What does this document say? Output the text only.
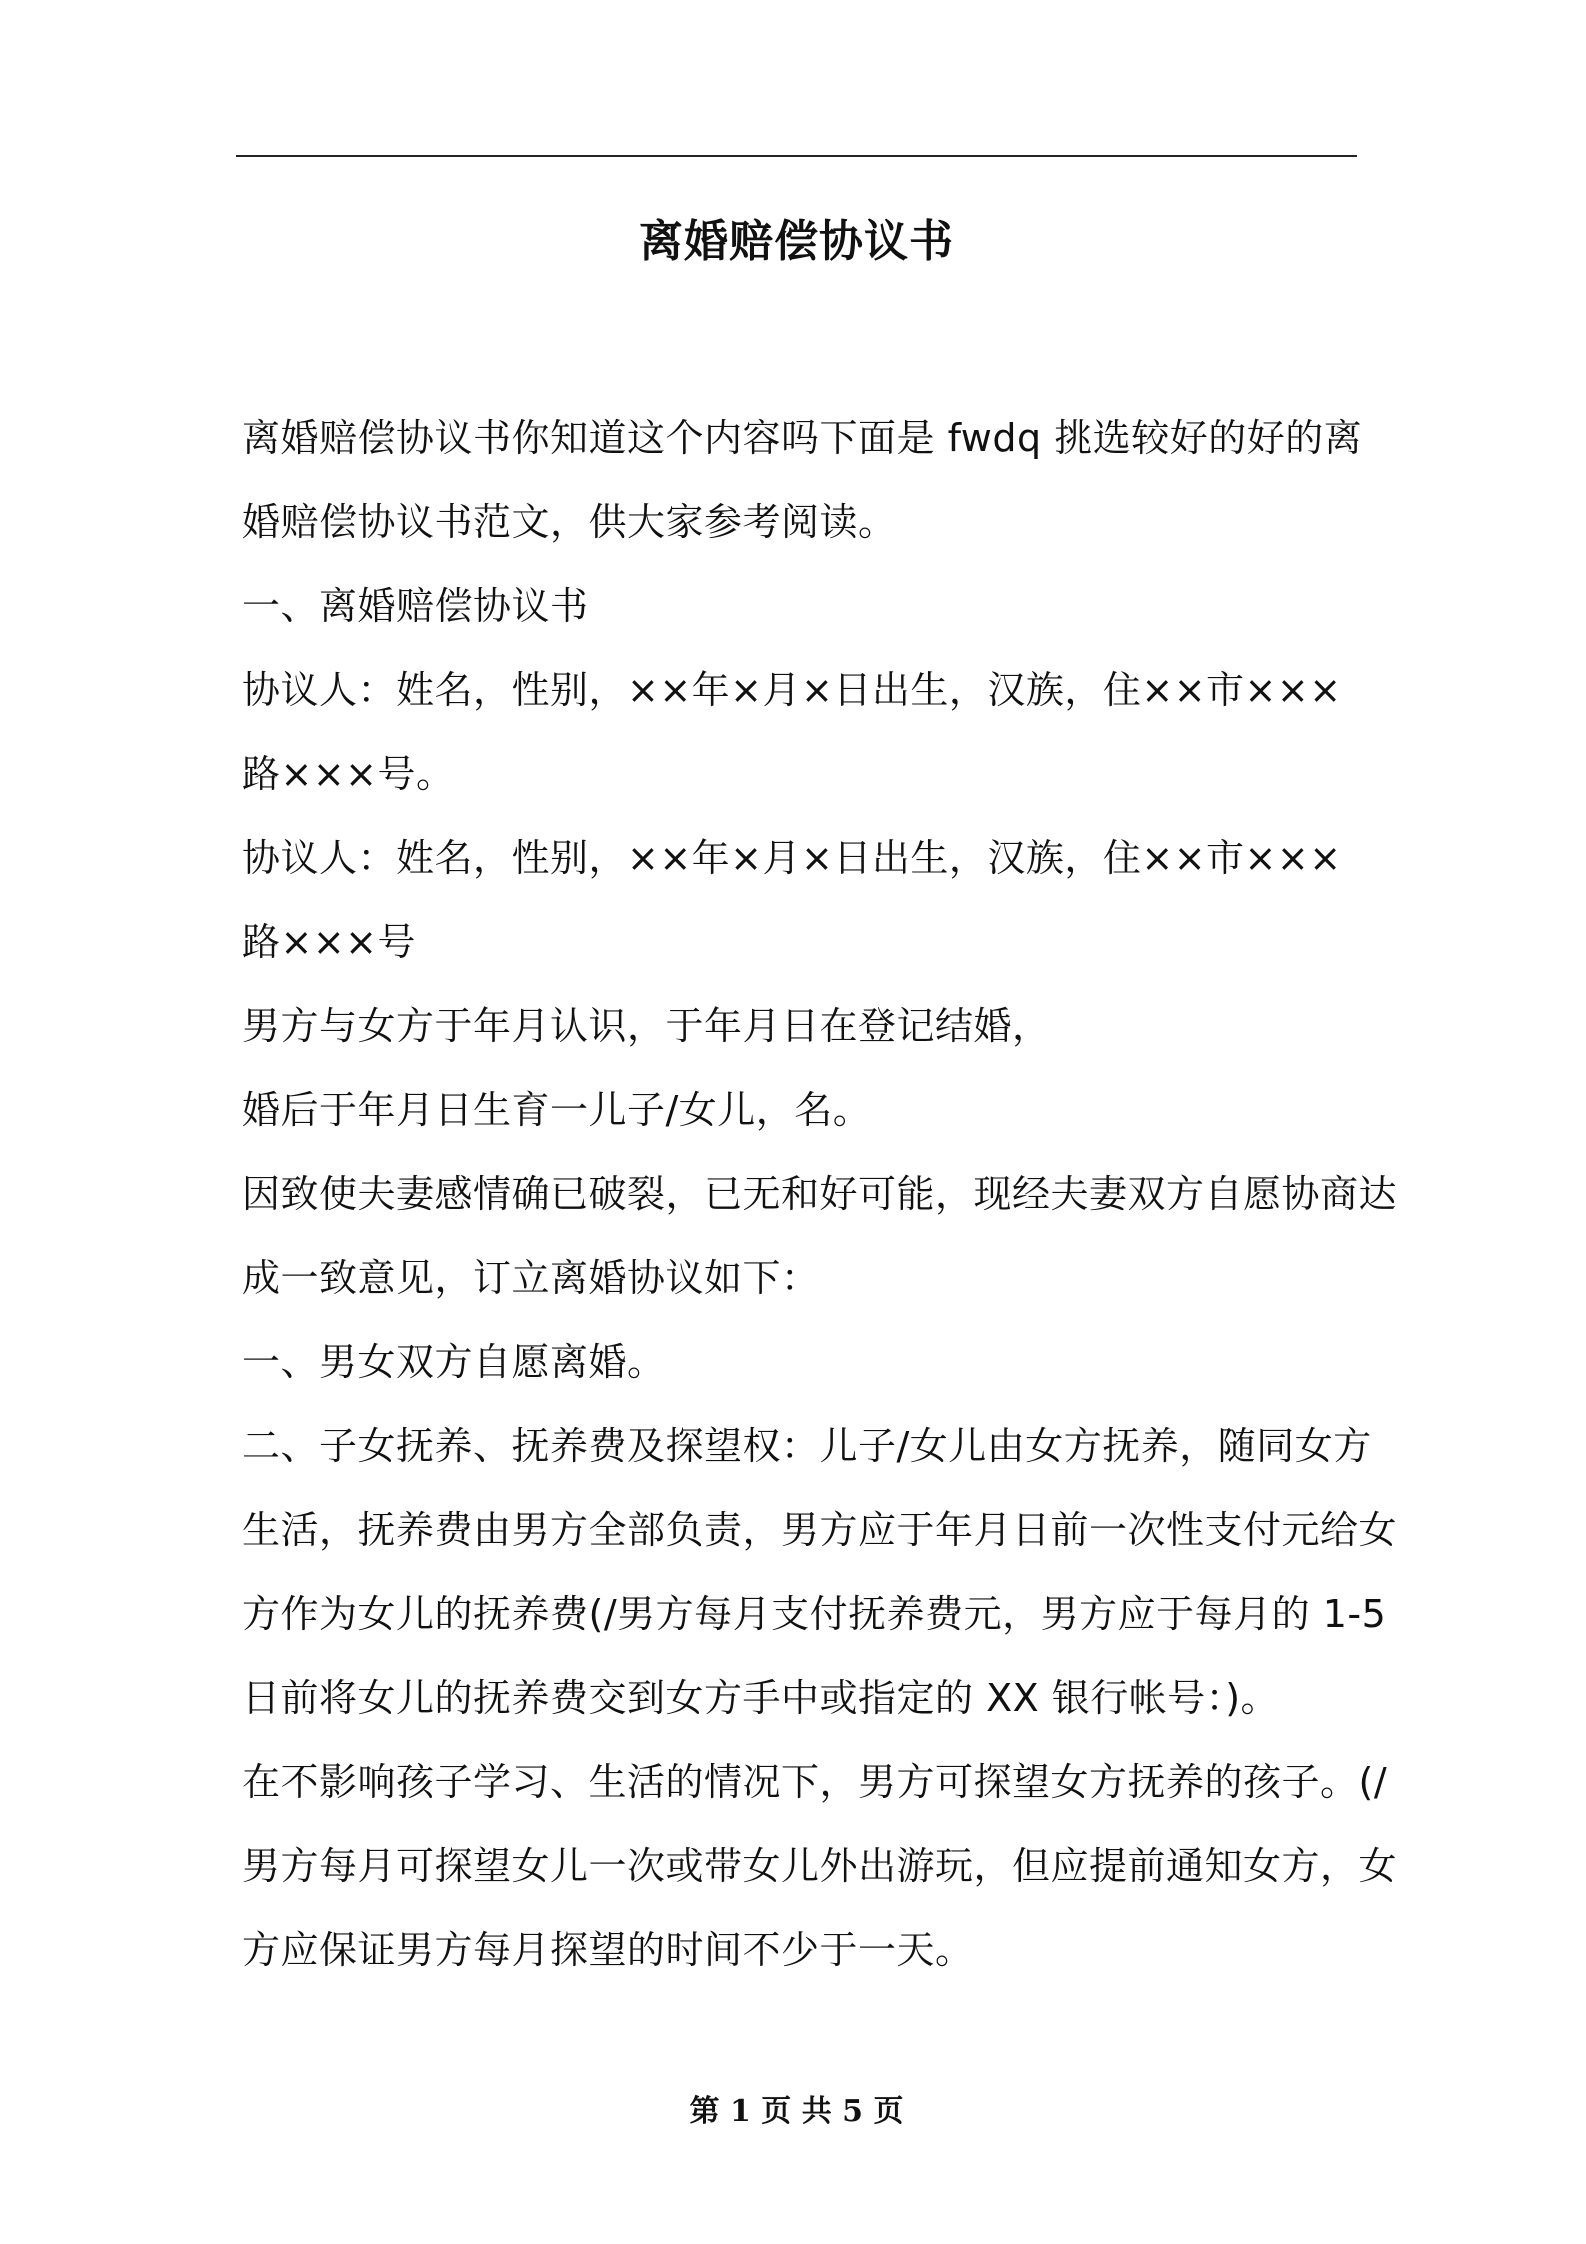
离婚赔偿协议书

离婚赔偿协议书你知道这个内容吗下面是 fwdq 挑选较好的好的离

婚赔偿协议书范文，供大家参考阅读。

一、离婚赔偿协议书

协议人：姓名，性别，××年×月×日出生，汉族，住××市×××

路×××号。

协议人：姓名，性别，××年×月×日出生，汉族，住××市×××

路×××号

男方与女方于年月认识，于年月日在登记结婚，

婚后于年月日生育一儿子/女儿，名。

因致使夫妻感情确已破裂，已无和好可能，现经夫妻双方自愿协商达

成一致意见，订立离婚协议如下：

一、男女双方自愿离婚。

二、子女抚养、抚养费及探望权：儿子/女儿由女方抚养，随同女方

生活，抚养费由男方全部负责，男方应于年月日前一次性支付元给女

方作为女儿的抚养费(/男方每月支付抚养费元，男方应于每月的 1-5

日前将女儿的抚养费交到女方手中或指定的 XX 银行帐号：)。

在不影响孩子学习、生活的情况下，男方可探望女方抚养的孩子。(/

男方每月可探望女儿一次或带女儿外出游玩，但应提前通知女方，女

方应保证男方每月探望的时间不少于一天。

第 1 页 共 5 页
